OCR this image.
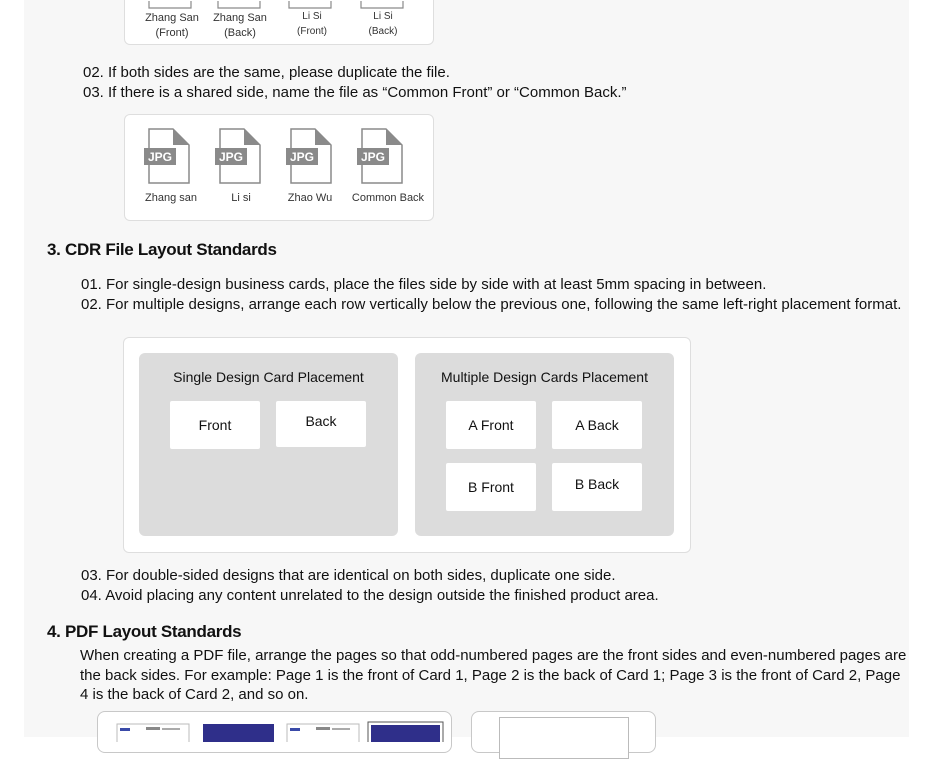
Zhang San
(Front)
Zhang San
(Back)
Li Si
(Front)
Li Si
(Back)
02. If both sides are the same, please duplicate the file.
03. If there is a shared side, name the file as “Common Front” or “Common Back.”
JPG
Zhang san
JPG
Li si
JPG
Zhao Wu
JPG
Common Back
3. CDR File Layout Standards
01. For single-design business cards, place the files side by side with at least 5mm spacing in between.
02. For multiple designs, arrange each row vertically below the previous one, following the same left-right placement format.
Single Design Card Placement
Front	Back
Multiple Design Cards Placement
A Front	A Back
B Front	B Back
03. For double-sided designs that are identical on both sides, duplicate one side.
04. Avoid placing any content unrelated to the design outside the finished product area.
4. PDF Layout Standards
When creating a PDF file, arrange the pages so that odd-numbered pages are the front sides and even-numbered pages are the back sides. For example: Page 1 is the front of Card 1, Page 2 is the back of Card 1; Page 3 is the front of Card 2, Page 4 is the back of Card 2, and so on.
